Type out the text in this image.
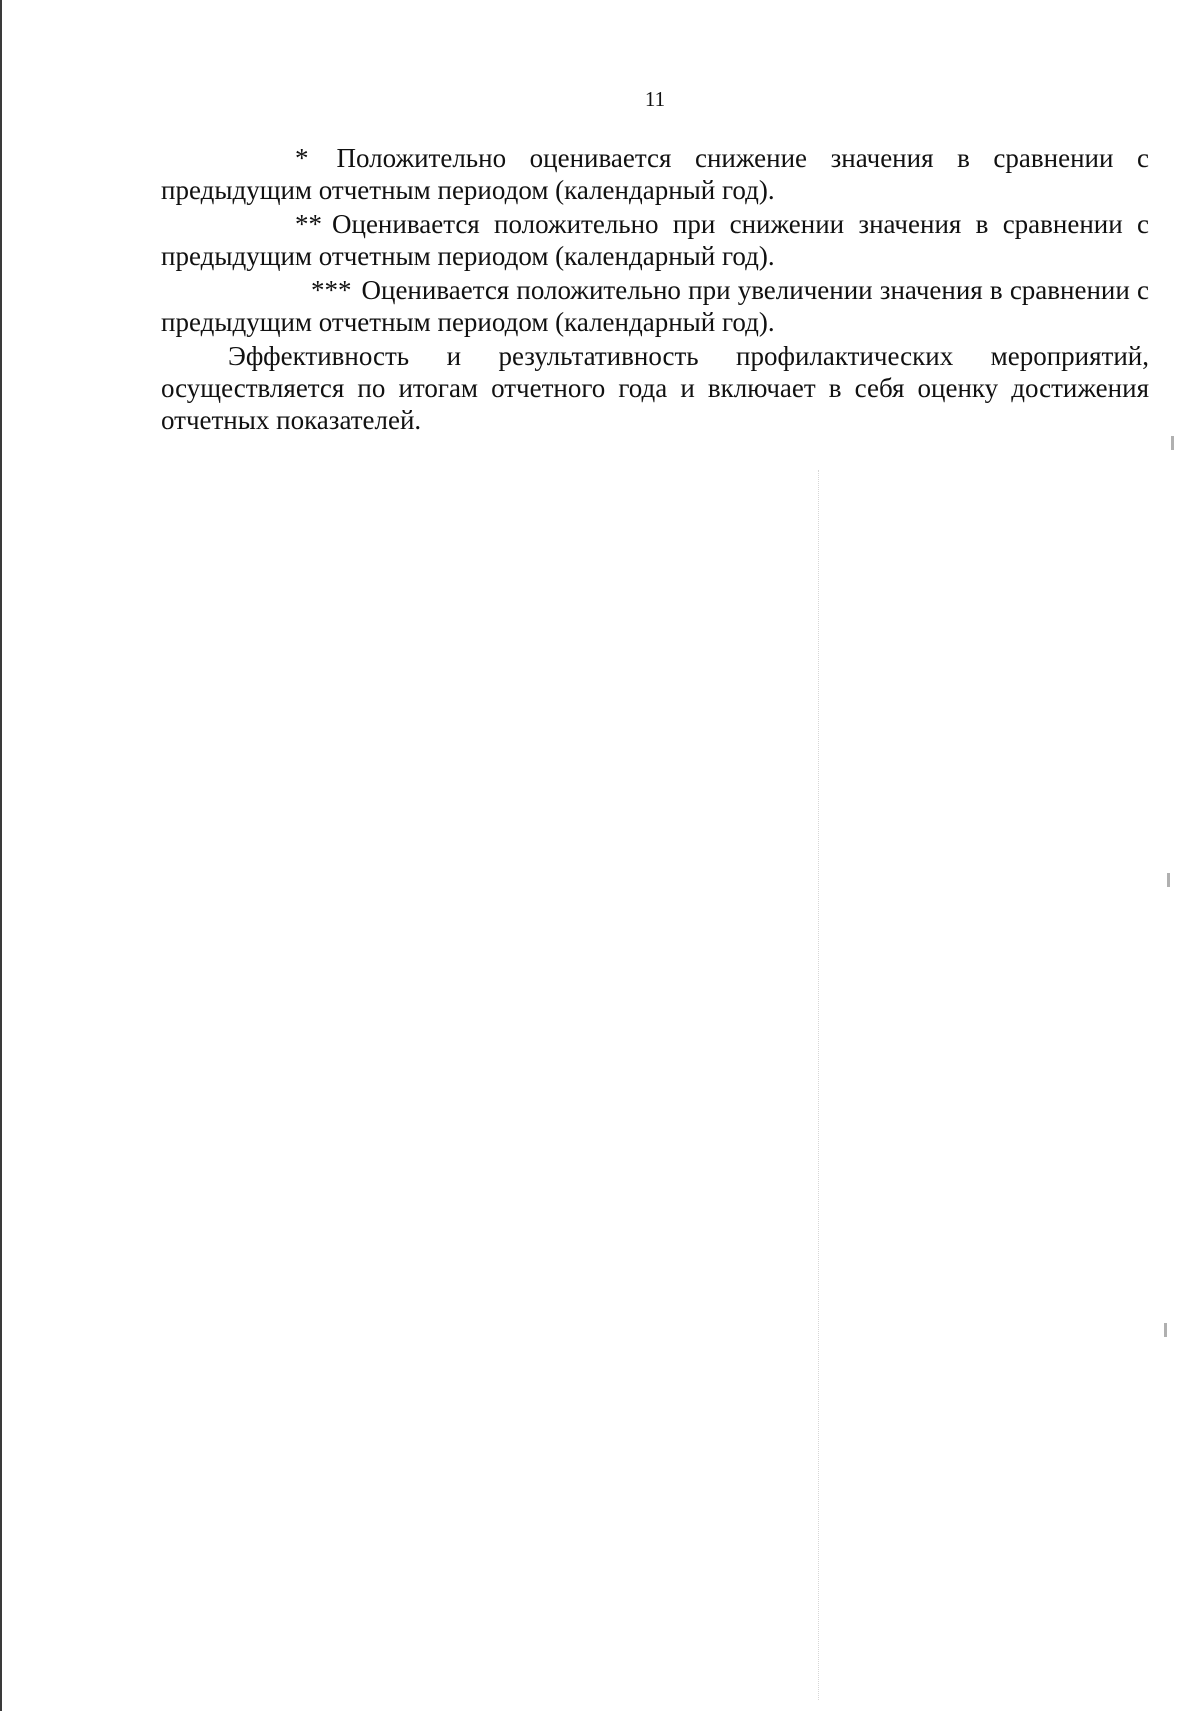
11

* Положительно оценивается снижение значения в сравнении с предыдущим отчетным периодом (календарный год).

** Оценивается положительно при снижении значения в сравнении с предыдущим отчетным периодом (календарный год).

*** Оценивается положительно при увеличении значения в сравнении с предыдущим отчетным периодом (календарный год).

Эффективность и результативность профилактических мероприятий, осуществляется по итогам отчетного года и включает в себя оценку достижения отчетных показателей.
